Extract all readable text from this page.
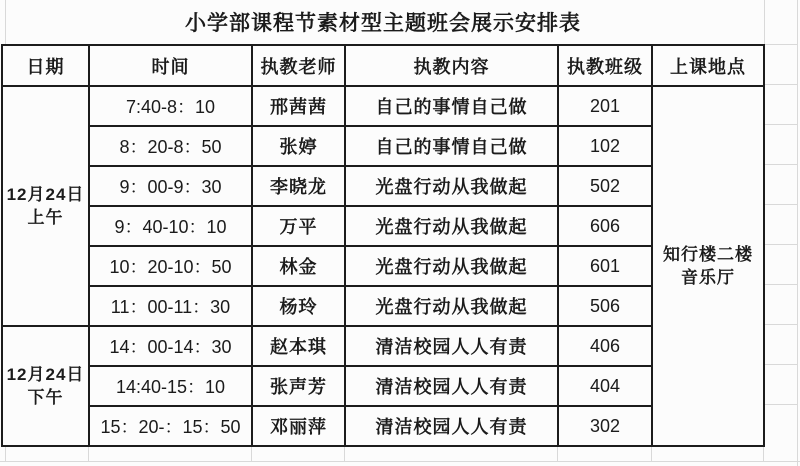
小学部课程节素材型主题班会展示安排表
日期	时间	执教老师	执教内容	执教班级	上课地点

12月24日
上午	7:40-8：10	邢茜茜	自己的事情自己做	201	知行楼二楼
音乐厅

	8：20-8：50	张婷	自己的事情自己做	102	
	9：00-9：30	李晓龙	光盘行动从我做起	502	
	9：40-10：10	万平	光盘行动从我做起	606	
	10：20-10：50	林金	光盘行动从我做起	601	
	11：00-11：30	杨玲	光盘行动从我做起	506	

12月24日
下午	14：00-14：30	赵本琪	清洁校园人人有责	406	
	14:40-15：10	张声芳	清洁校园人人有责	404	
	15：20-：15：50	邓丽萍	清洁校园人人有责	302	
